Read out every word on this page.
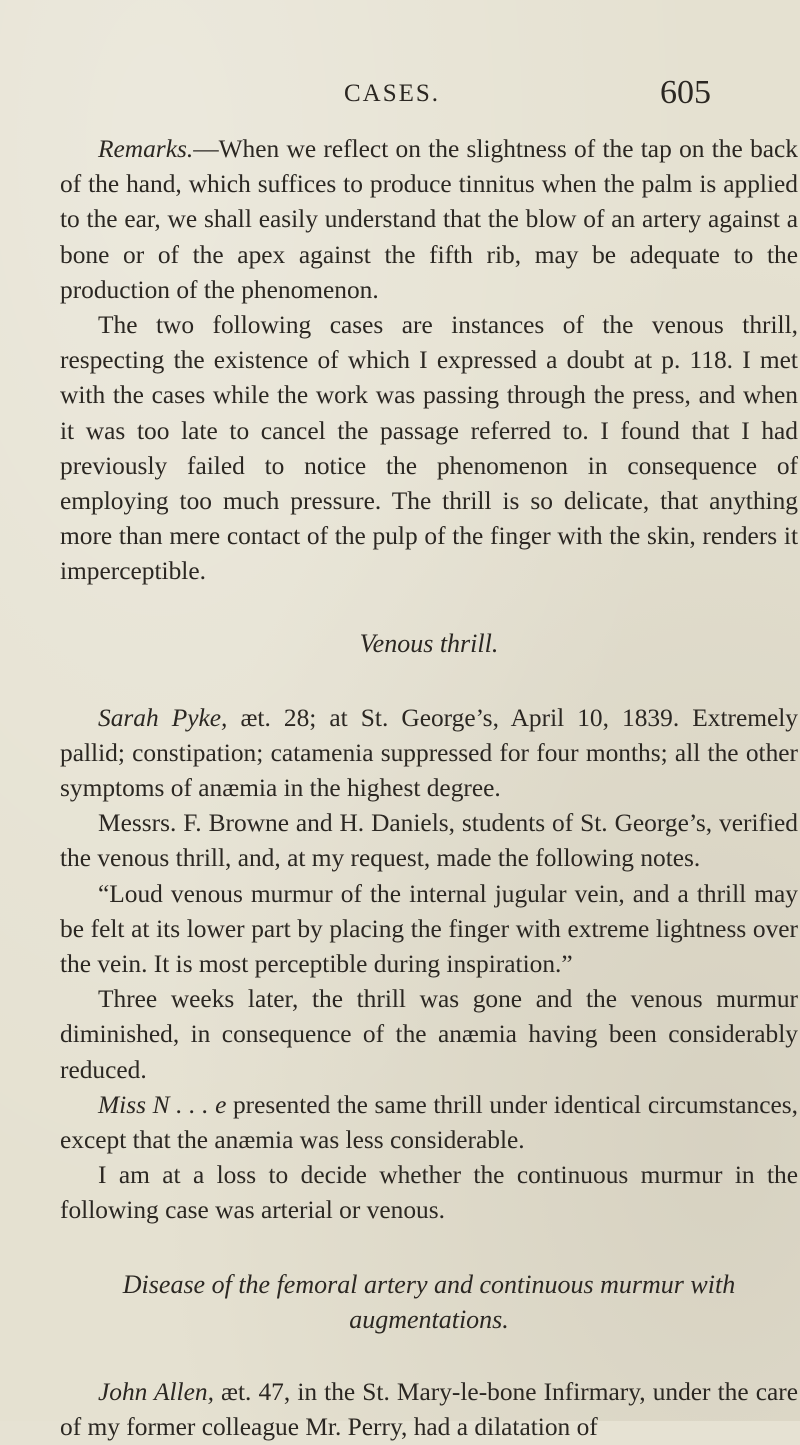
CASES.	605

Remarks.—When we reflect on the slightness of the tap on the back of the hand, which suffices to produce tinnitus when the palm is applied to the ear, we shall easily understand that the blow of an artery against a bone or of the apex against the fifth rib, may be adequate to the production of the phenomenon.

The two following cases are instances of the venous thrill, respecting the existence of which I expressed a doubt at p. 118. I met with the cases while the work was passing through the press, and when it was too late to cancel the passage referred to. I found that I had previously failed to notice the phenomenon in consequence of employing too much pressure. The thrill is so delicate, that anything more than mere contact of the pulp of the finger with the skin, renders it imperceptible.

Venous thrill.

Sarah Pyke, æt. 28; at St. George’s, April 10, 1839. Extremely pallid; constipation; catamenia suppressed for four months; all the other symptoms of anæmia in the highest degree.

Messrs. F. Browne and H. Daniels, students of St. George’s, verified the venous thrill, and, at my request, made the following notes.

“Loud venous murmur of the internal jugular vein, and a thrill may be felt at its lower part by placing the finger with extreme lightness over the vein. It is most perceptible during inspiration.”

Three weeks later, the thrill was gone and the venous murmur diminished, in consequence of the anæmia having been considerably reduced.

Miss N . . . e presented the same thrill under identical circumstances, except that the anæmia was less considerable.

I am at a loss to decide whether the continuous murmur in the following case was arterial or venous.

Disease of the femoral artery and continuous murmur with
augmentations.

John Allen, æt. 47, in the St. Mary-le-bone Infirmary, under the care of my former colleague Mr. Perry, had a dilatation of
